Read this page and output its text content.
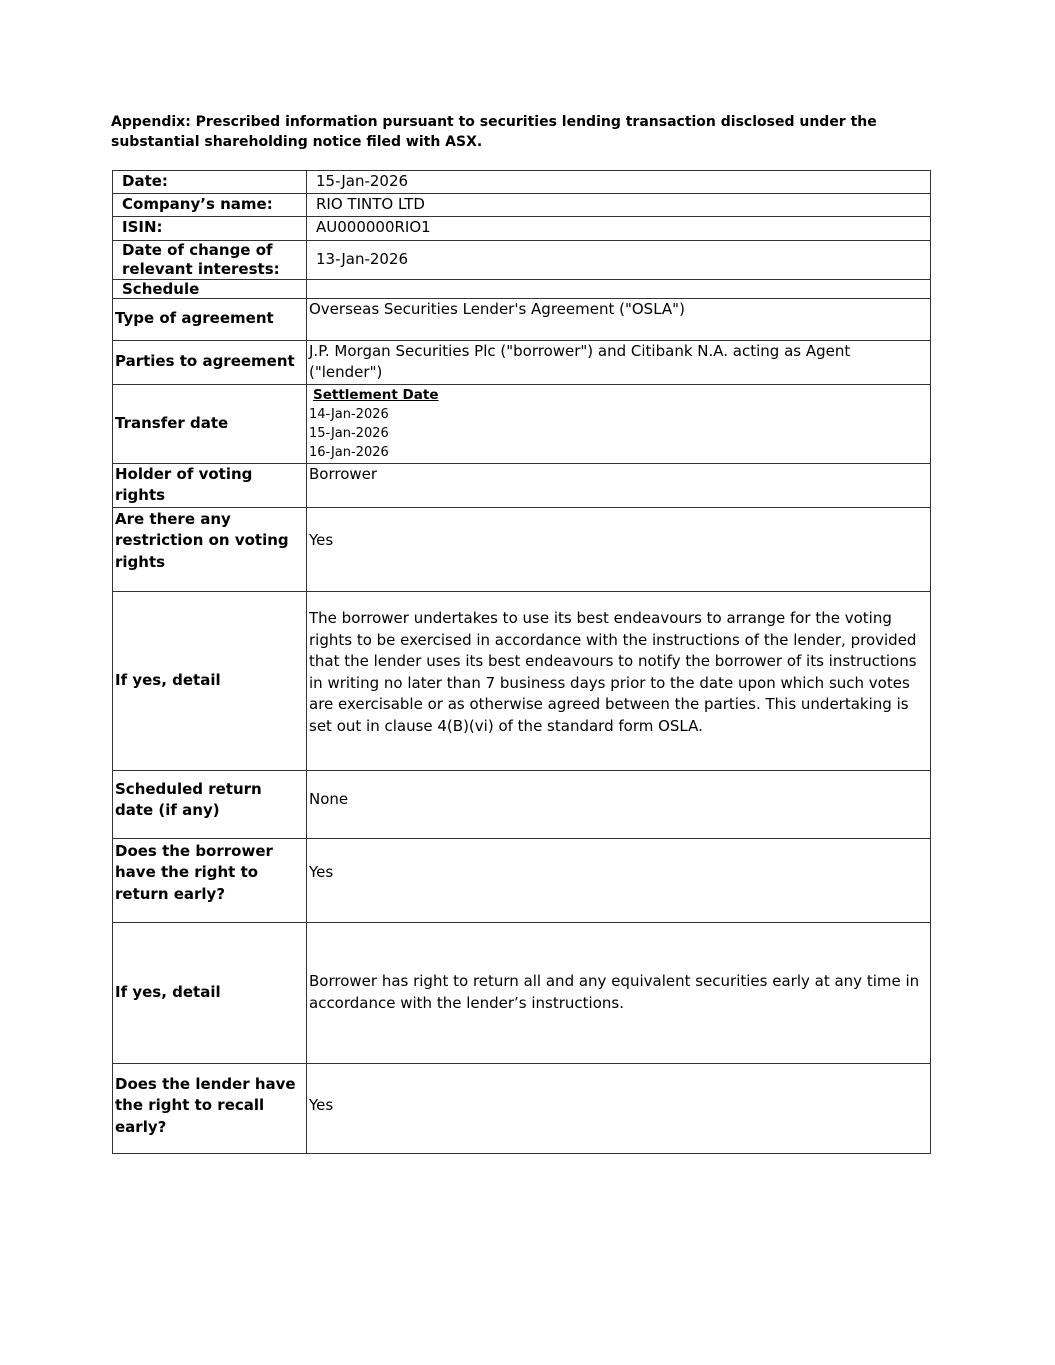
Appendix: Prescribed information pursuant to securities lending transaction disclosed under the substantial shareholding notice filed with ASX.
Date:	15-Jan-2026
Company’s name:	RIO TINTO LTD
ISIN:	AU000000RIO1
Date of change of relevant interests:	13-Jan-2026
Schedule	
Type of agreement	Overseas Securities Lender's Agreement ("OSLA")
Parties to agreement	J.P. Morgan Securities Plc ("borrower") and Citibank N.A. acting as Agent ("lender")
Transfer date	Settlement Date
14-Jan-2026
15-Jan-2026
16-Jan-2026

Holder of voting rights	Borrower
Are there any restriction on voting rights	Yes
If yes, detail	The borrower undertakes to use its best endeavours to arrange for the voting rights to be exercised in accordance with the instructions of the lender, provided that the lender uses its best endeavours to notify the borrower of its instructions in writing no later than 7 business days prior to the date upon which such votes are exercisable or as otherwise agreed between the parties. This undertaking is set out in clause 4(B)(vi) of the standard form OSLA.
Scheduled return date (if any)	None
Does the borrower have the right to return early?	Yes
If yes, detail	Borrower has right to return all and any equivalent securities early at any time in accordance with the lender’s instructions.
Does the lender have the right to recall early?	Yes
